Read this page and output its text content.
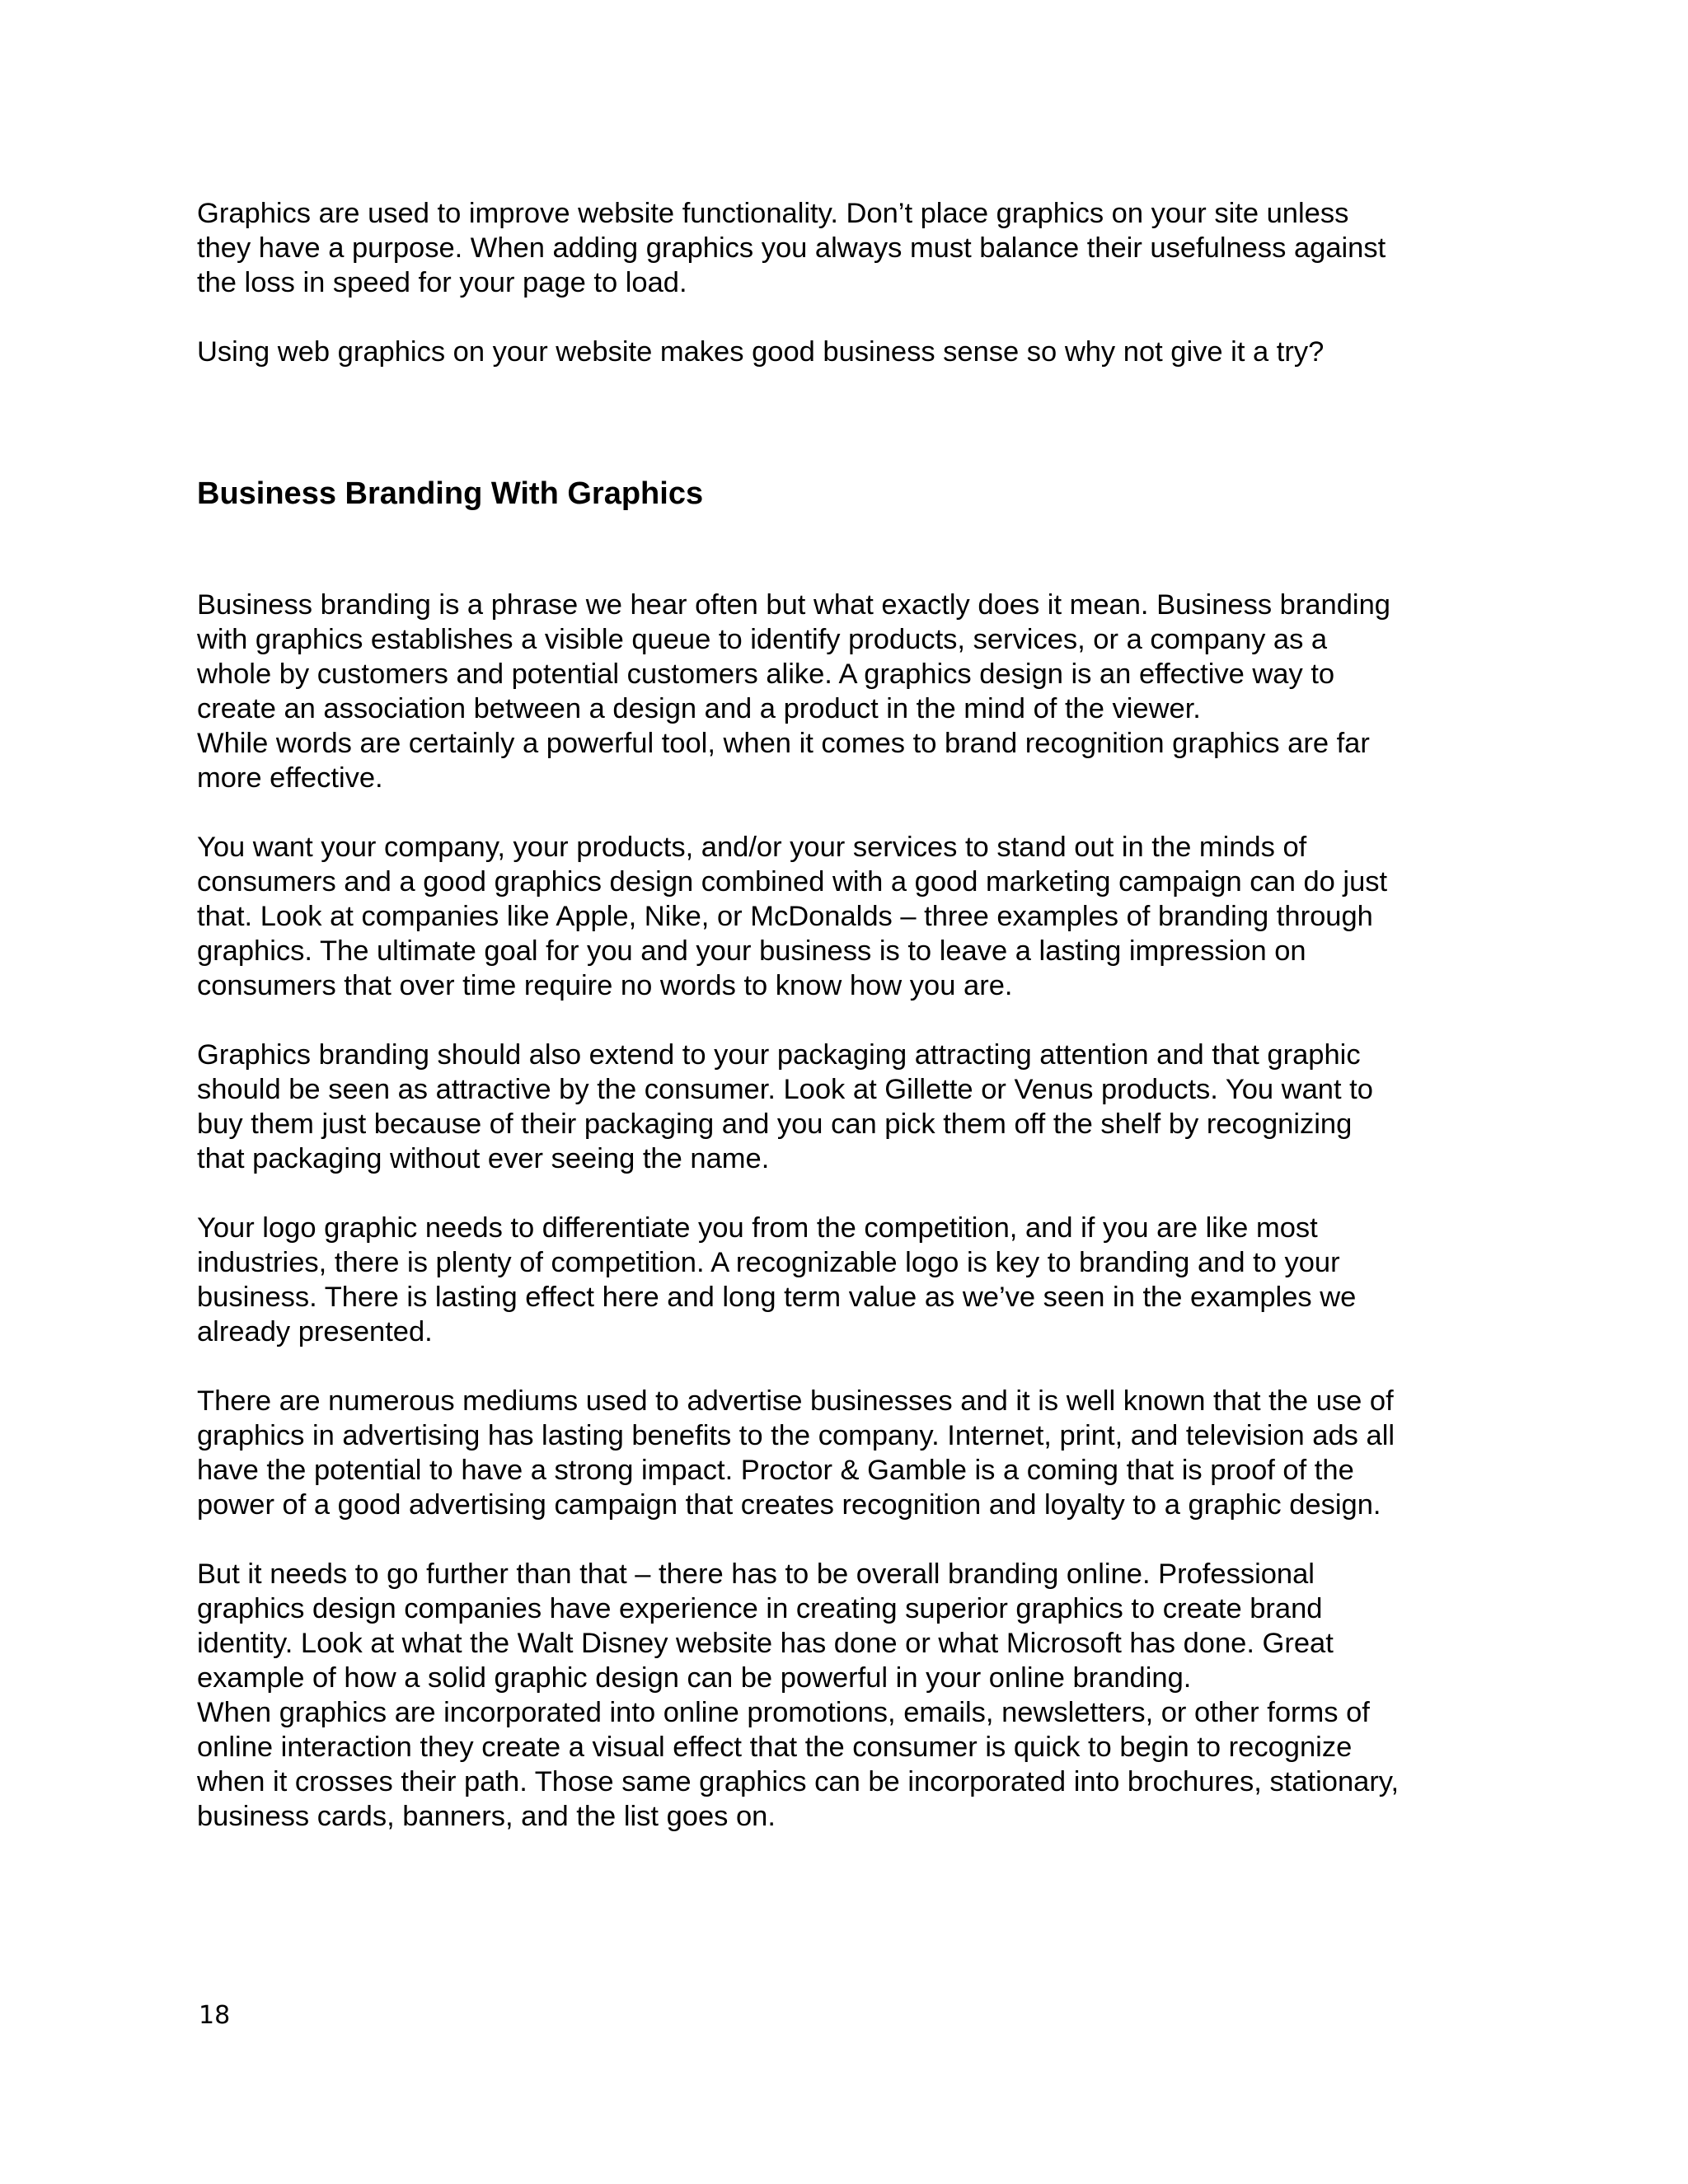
Graphics are used to improve website functionality. Don’t place graphics on your site unless
they have a purpose. When adding graphics you always must balance their usefulness against
the loss in speed for your page to load.

Using web graphics on your website makes good business sense so why not give it a try?

Business Branding With Graphics

Business branding is a phrase we hear often but what exactly does it mean. Business branding
with graphics establishes a visible queue to identify products, services, or a company as a
whole by customers and potential customers alike. A graphics design is an effective way to
create an association between a design and a product in the mind of the viewer.
While words are certainly a powerful tool, when it comes to brand recognition graphics are far
more effective.

You want your company, your products, and/or your services to stand out in the minds of
consumers and a good graphics design combined with a good marketing campaign can do just
that. Look at companies like Apple, Nike, or McDonalds – three examples of branding through
graphics. The ultimate goal for you and your business is to leave a lasting impression on
consumers that over time require no words to know how you are.

Graphics branding should also extend to your packaging attracting attention and that graphic
should be seen as attractive by the consumer. Look at Gillette or Venus products. You want to
buy them just because of their packaging and you can pick them off the shelf by recognizing
that packaging without ever seeing the name.

Your logo graphic needs to differentiate you from the competition, and if you are like most
industries, there is plenty of competition. A recognizable logo is key to branding and to your
business. There is lasting effect here and long term value as we’ve seen in the examples we
already presented.

There are numerous mediums used to advertise businesses and it is well known that the use of
graphics in advertising has lasting benefits to the company. Internet, print, and television ads all
have the potential to have a strong impact. Proctor & Gamble is a coming that is proof of the
power of a good advertising campaign that creates recognition and loyalty to a graphic design.

But it needs to go further than that – there has to be overall branding online. Professional
graphics design companies have experience in creating superior graphics to create brand
identity. Look at what the Walt Disney website has done or what Microsoft has done. Great
example of how a solid graphic design can be powerful in your online branding.
When graphics are incorporated into online promotions, emails, newsletters, or other forms of
online interaction they create a visual effect that the consumer is quick to begin to recognize
when it crosses their path. Those same graphics can be incorporated into brochures, stationary,
business cards, banners, and the list goes on.

18
